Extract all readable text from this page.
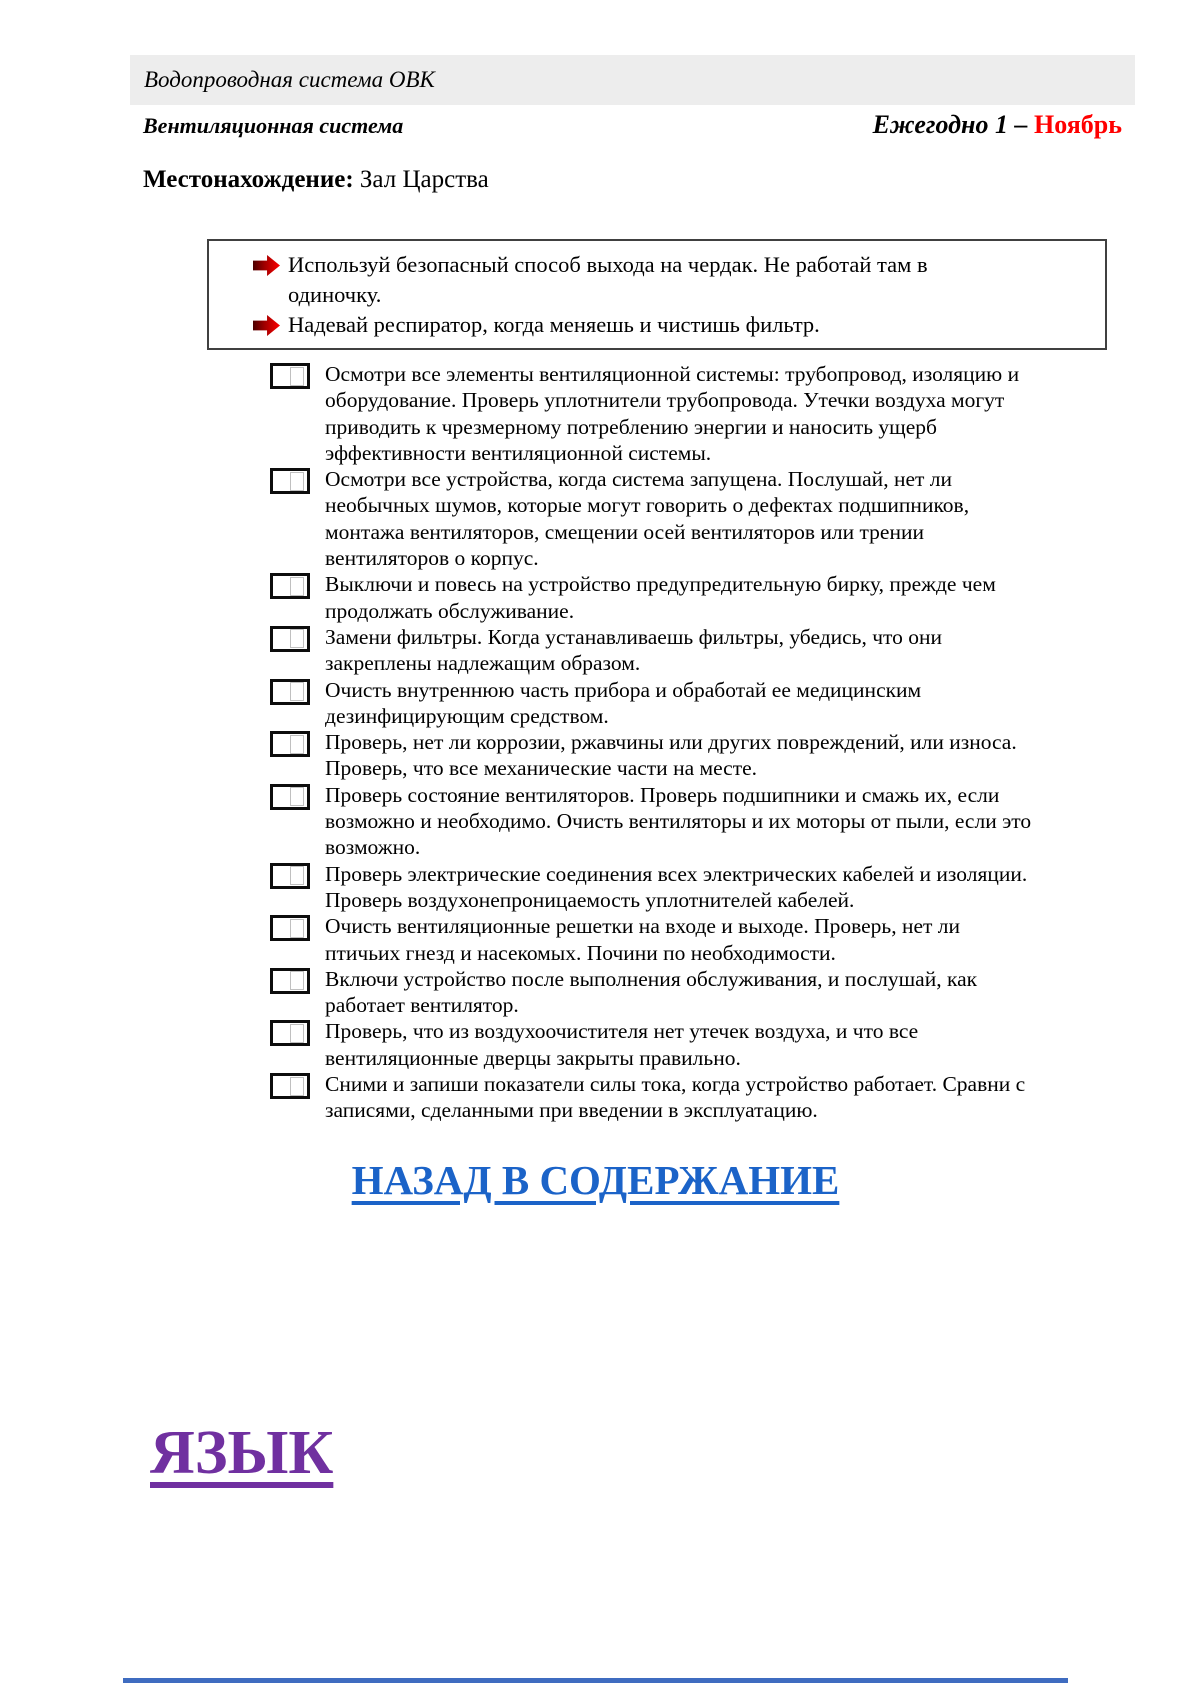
Водопроводная система ОВК
Вентиляционная система	Ежегодно 1 – Ноябрь
Местонахождение: Зал Царства
Используй безопасный способ выхода на чердак. Не работай там в одиночку.
Надевай респиратор, когда меняешь и чистишь фильтр.
Осмотри все элементы вентиляционной системы: трубопровод, изоляцию и оборудование. Проверь уплотнители трубопровода. Утечки воздуха могут приводить к чрезмерному потреблению энергии и наносить ущерб эффективности вентиляционной системы.
Осмотри все устройства, когда система запущена. Послушай, нет ли необычных шумов, которые могут говорить о дефектах подшипников, монтажа вентиляторов, смещении осей вентиляторов или трении вентиляторов о корпус.
Выключи и повесь на устройство предупредительную бирку, прежде чем продолжать обслуживание.
Замени фильтры. Когда устанавливаешь фильтры, убедись, что они закреплены надлежащим образом.
Очисть внутреннюю часть прибора и обработай ее медицинским дезинфицирующим средством.
Проверь, нет ли коррозии, ржавчины или других повреждений, или износа. Проверь, что все механические части на месте.
Проверь состояние вентиляторов. Проверь подшипники и смажь их, если возможно и необходимо. Очисть вентиляторы и их моторы от пыли, если это возможно.
Проверь электрические соединения всех электрических кабелей и изоляции. Проверь воздухонепроницаемость уплотнителей кабелей.
Очисть вентиляционные решетки на входе и выходе. Проверь, нет ли птичьих гнезд и насекомых. Почини по необходимости.
Включи устройство после выполнения обслуживания, и послушай, как работает вентилятор.
Проверь, что из воздухоочистителя нет утечек воздуха, и что все вентиляционные дверцы закрыты правильно.
Сними и запиши показатели силы тока, когда устройство работает. Сравни с записями, сделанными при введении в эксплуатацию.
НАЗАД В СОДЕРЖАНИЕ
ЯЗЫК
